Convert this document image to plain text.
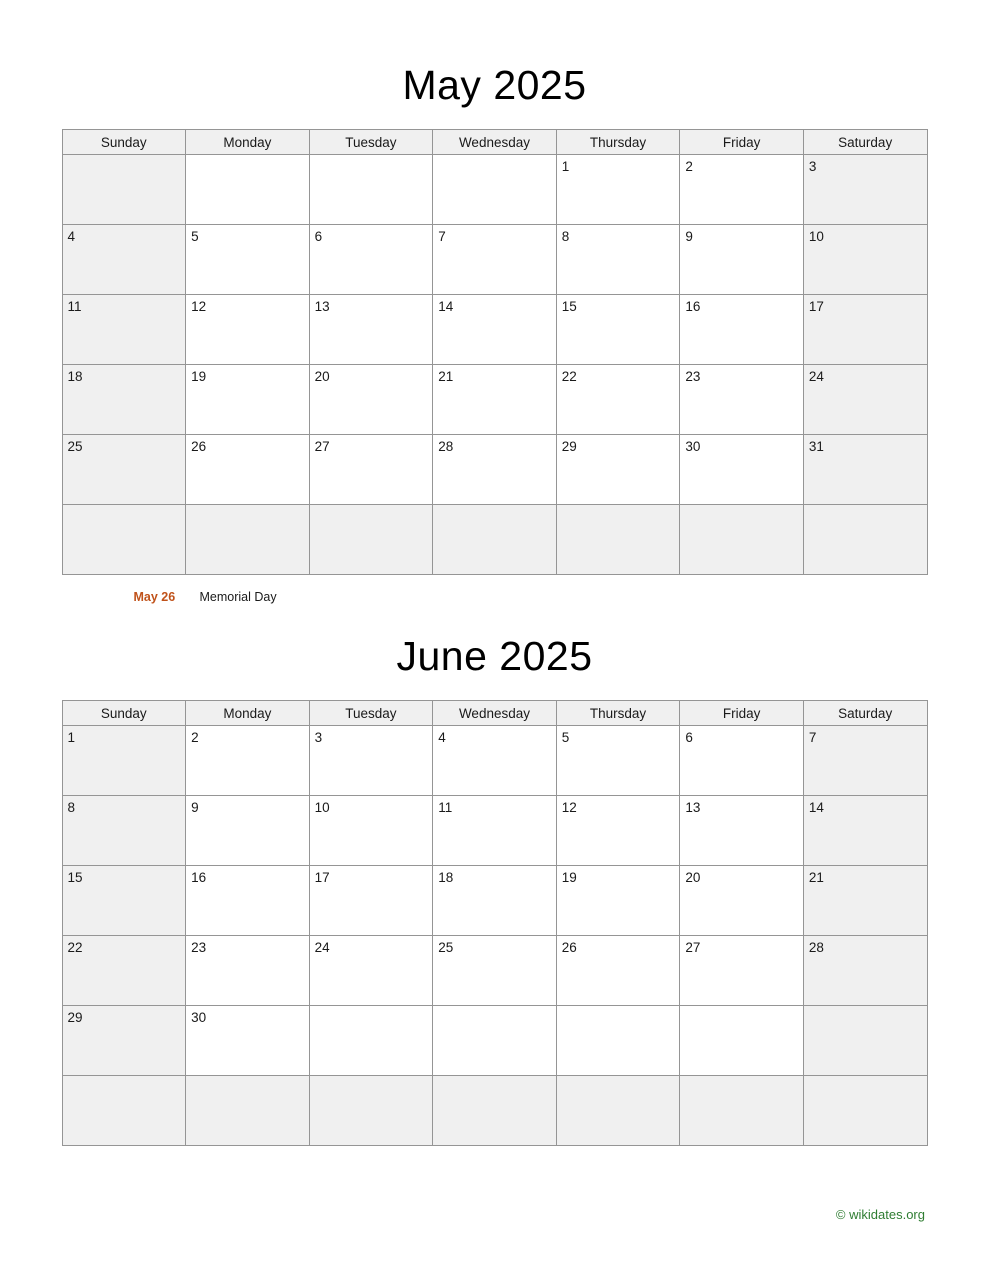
May 2025
Sunday	Monday	Tuesday	Wednesday	Thursday	Friday	Saturday
				1	2	3
4	5	6	7	8	9	10
11	12	13	14	15	16	17
18	19	20	21	22	23	24
25	26	27	28	29	30	31

May 26	Memorial Day
June 2025
Sunday	Monday	Tuesday	Wednesday	Thursday	Friday	Saturday
1	2	3	4	5	6	7
8	9	10	11	12	13	14
15	16	17	18	19	20	21
22	23	24	25	26	27	28
29	30					

© wikidates.org
